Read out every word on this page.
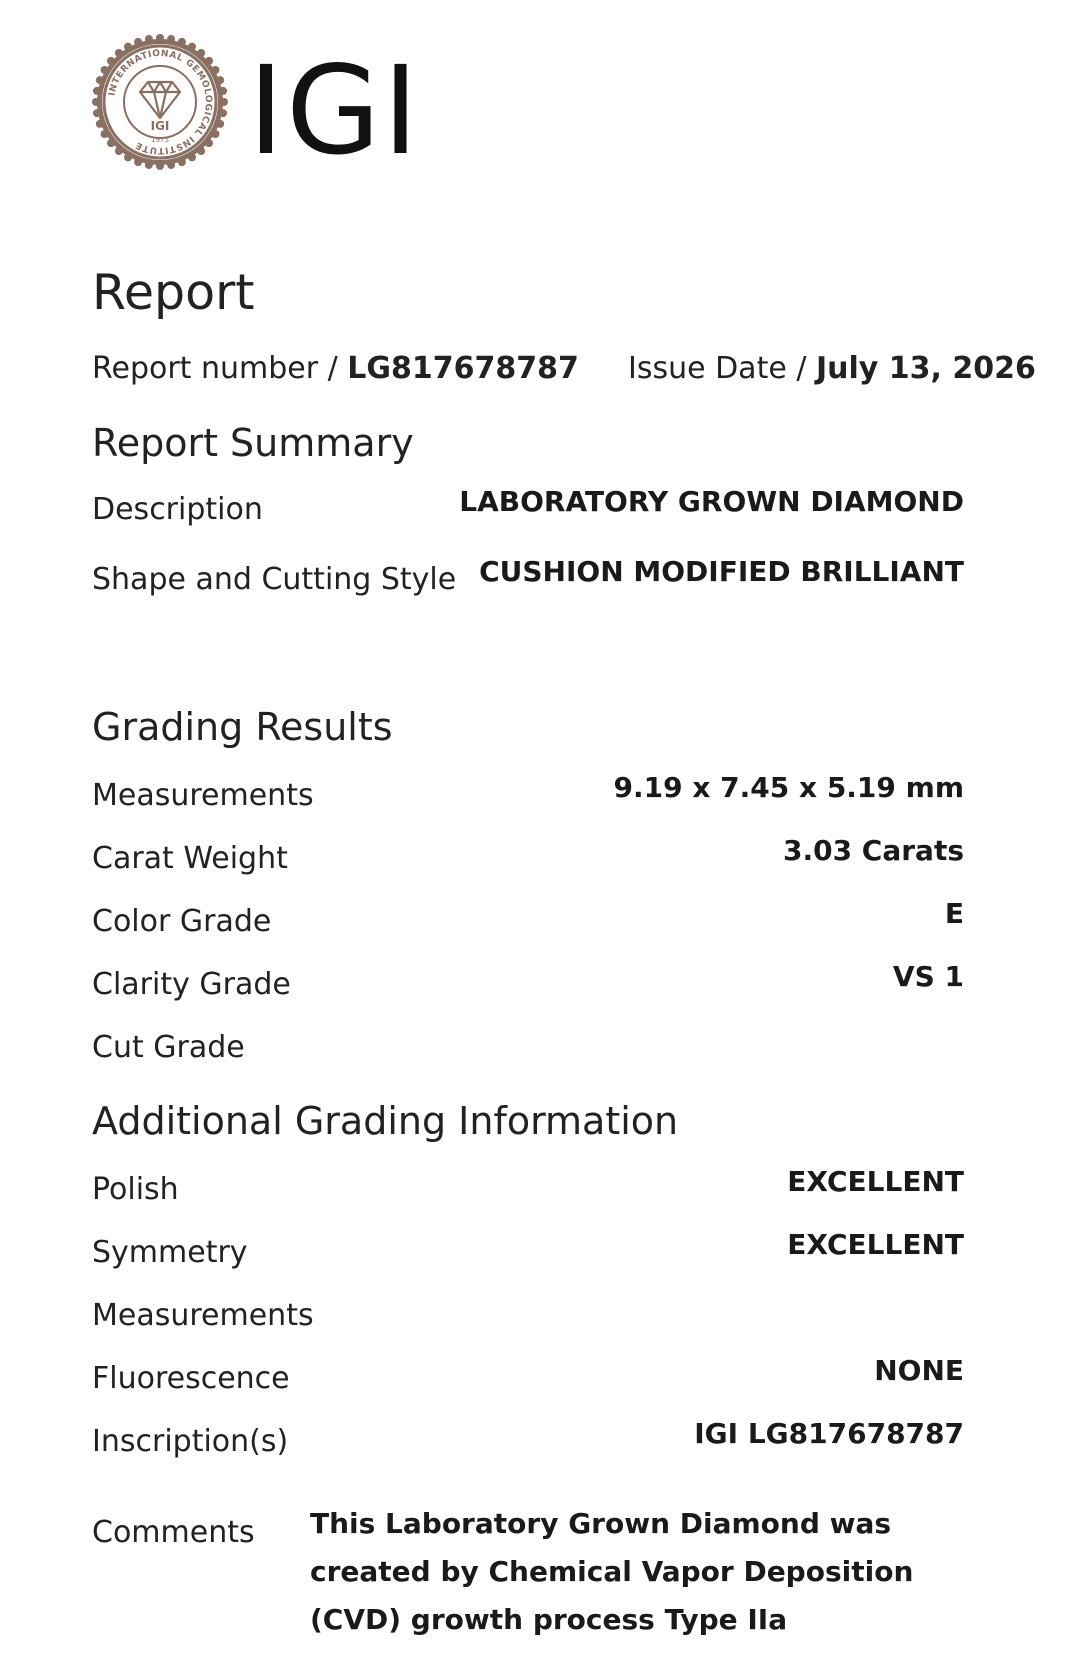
INTERNATIONAL GEMOLOGICAL INSTITUTE
IGI
1975 IGI
Report
Report number / LG817678787 Issue Date / July 13, 2026
Report Summary
Description	LABORATORY GROWN DIAMOND
Shape and Cutting Style CUSHION MODIFIED BRILLIANT
Grading Results
Measurements	9.19 x 7.45 x 5.19 mm
Carat Weight	3.03 Carats
Color Grade	E
Clarity Grade	VS 1
Cut Grade
Additional Grading Information
Polish	EXCELLENT
Symmetry	EXCELLENT
Measurements
Fluorescence	NONE
Inscription(s)	IGI LG817678787
Comments This Laboratory Grown Diamond was created by Chemical Vapor Deposition (CVD) growth process Type IIa
